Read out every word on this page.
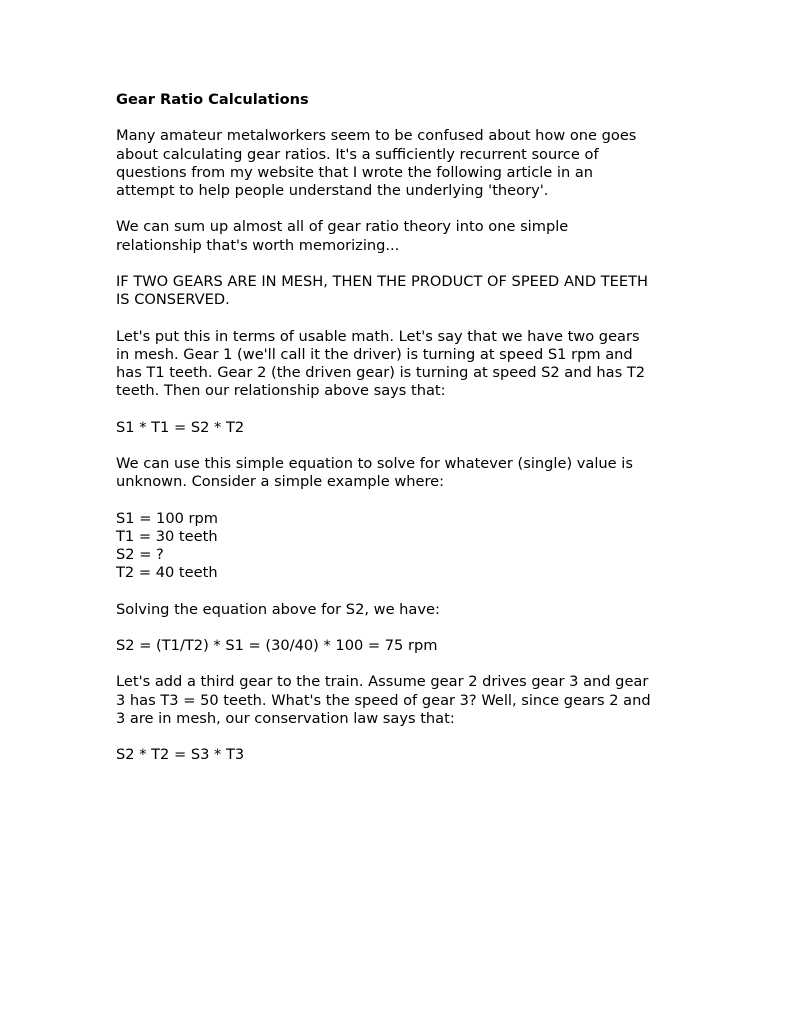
Gear Ratio Calculations
Many amateur metalworkers seem to be confused about how one goes
about calculating gear ratios. It's a sufficiently recurrent source of
questions from my website that I wrote the following article in an
attempt to help people understand the underlying 'theory'.
We can sum up almost all of gear ratio theory into one simple
relationship that's worth memorizing...
IF TWO GEARS ARE IN MESH, THEN THE PRODUCT OF SPEED AND TEETH
IS CONSERVED.
Let's put this in terms of usable math. Let's say that we have two gears
in mesh. Gear 1 (we'll call it the driver) is turning at speed S1 rpm and
has T1 teeth. Gear 2 (the driven gear) is turning at speed S2 and has T2
teeth. Then our relationship above says that:
S1 * T1 = S2 * T2
We can use this simple equation to solve for whatever (single) value is
unknown. Consider a simple example where:
S1 = 100 rpm
T1 = 30 teeth
S2 = ?
T2 = 40 teeth
Solving the equation above for S2, we have:
S2 = (T1/T2) * S1 = (30/40) * 100 = 75 rpm
Let's add a third gear to the train. Assume gear 2 drives gear 3 and gear
3 has T3 = 50 teeth. What's the speed of gear 3? Well, since gears 2 and
3 are in mesh, our conservation law says that:
S2 * T2 = S3 * T3
